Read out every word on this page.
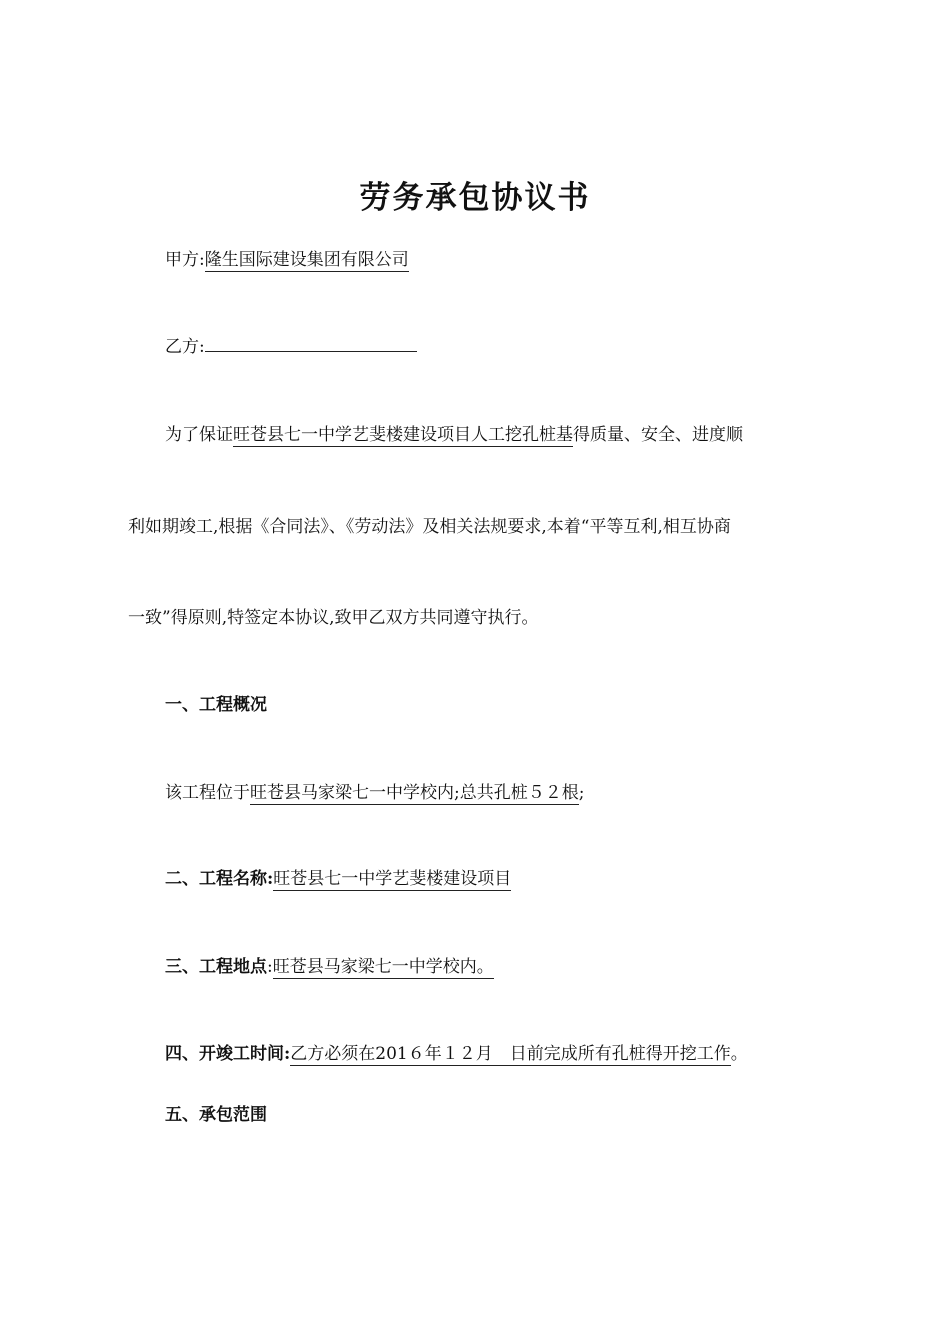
劳务承包协议书
甲方:隆生国际建设集团有限公司
乙方:
为了保证旺苍县七一中学艺斐楼建设项目人工挖孔桩基得质量、安全、进度顺
利如期竣工,根据《合同法》、《劳动法》及相关法规要求,本着“平等互利,相互协商
一致”得原则,特签定本协议,致甲乙双方共同遵守执行。
一、工程概况
该工程位于旺苍县马家梁七一中学校内;总共孔桩５２根;
二、工程名称:旺苍县七一中学艺斐楼建设项目
三、工程地点:旺苍县马家梁七一中学校内。
四、开竣工时间:乙方必须在201６年１２月　日前完成所有孔桩得开挖工作。
五、承包范围
